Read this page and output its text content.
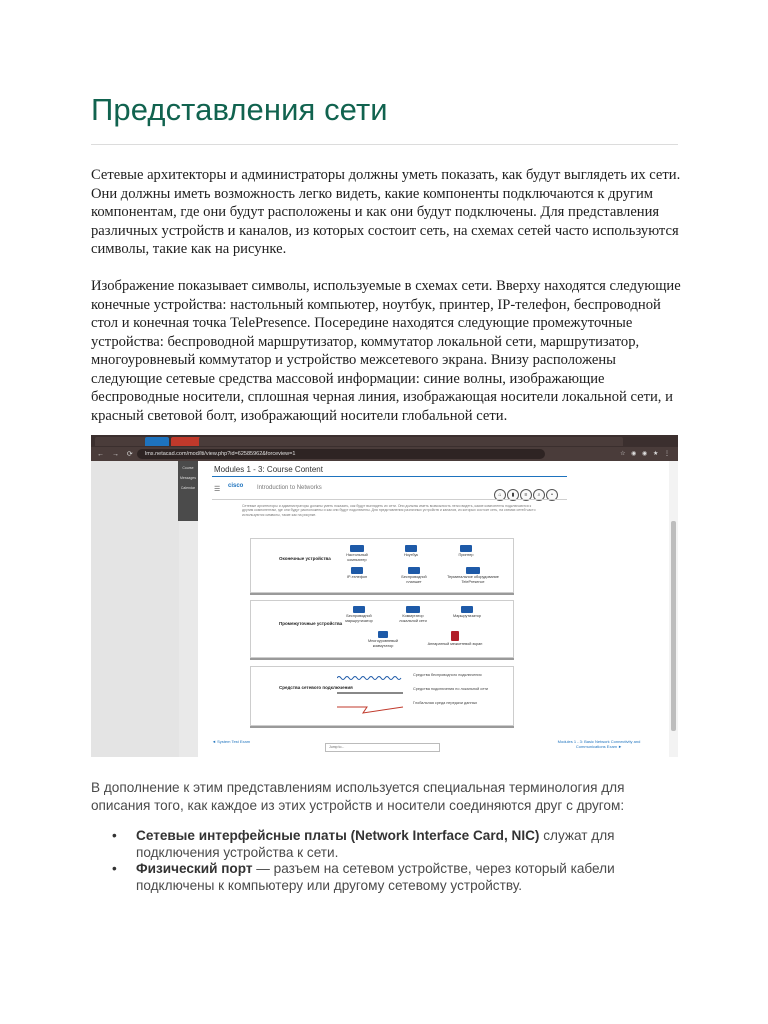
Представления сети

Сетевые архитекторы и администраторы должны уметь показать, как будут выглядеть их сети. Они должны иметь возможность легко видеть, какие компоненты подключаются к другим компонентам, где они будут расположены и как они будут подключены. Для представления различных устройств и каналов, из которых состоит сеть, на схемах сетей часто используются символы, такие как на рисунке.

Изображение показывает символы, используемые в схемах сети. Вверху находятся следующие конечные устройства: настольный компьютер, ноутбук, принтер, IP-телефон, беспроводной стол и конечная точка TelePresence. Посередине находятся следующие промежуточные устройства: беспроводной маршрутизатор, коммутатор локальной сети, маршрутизатор, многоуровневый коммутатор и устройство межсетевого экрана. Внизу расположены следующие сетевые средства массовой информации: синие волны, изображающие беспроводные носители, сплошная черная линия, изображающая носители локальной сети, и красный световой болт, изображающий носители глобальной сети.

← → ⟳	lms.netacad.com/mod/lti/view.php?id=62585962&forceview=1	☆ ◉ ◉ ★ ⋮
Course
Messages
Calendar
Modules 1 - 3: Course Content
☰ cisco Introduction to Networks
⌂ ▮ ≡ ⌕ •
Сетевые архитекторы и администраторы должны уметь показать, как будут выглядеть их сети. Они должны иметь возможность легко видеть, какие компоненты подключаются к другим компонентам, где они будут расположены и как они будут подключены. Для представления различных устройств и каналов, из которых состоит сеть, на схемах сетей часто используются символы, такие как на рисунке.
Оконечные устройства
Настольный компьютер
Ноутбук	Принтер
IP-телефон	Беспроводной планшет
Терминальное оборудование TelePresence
Промежуточные устройства
Беспроводной маршрутизатор
Коммутатор локальной сети
Маршрутизатор
Многоуровневый коммутатор	Аппаратный межсетевой экран
Средства сетевого подключения
Средства беспроводного подключения
Средства подключения по локальной сети
Глобальная среда передачи данных
◄ System Test Exam
Jump to...
Modules 1 - 3: Basic Network Connectivity and Communications Exam ►

В дополнение к этим представлениям используется специальная терминология для описания того, как каждое из этих устройств и носители соединяются друг с другом:

• Сетевые интерфейсные платы (Network Interface Card, NIC) служат для подключения устройства к сети.
• Физический порт — разъем на сетевом устройстве, через который кабели подключены к компьютеру или другому сетевому устройству.
